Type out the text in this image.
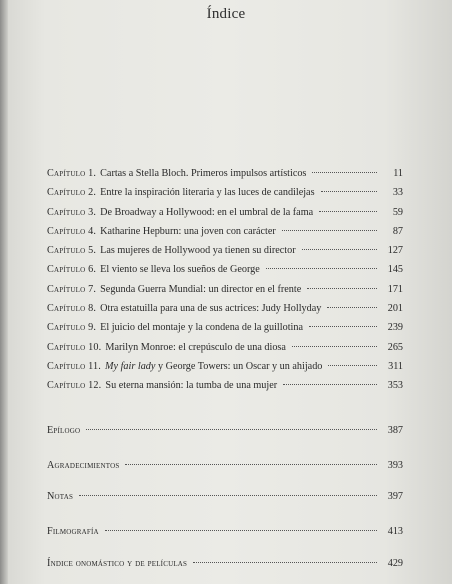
Índice
Capítulo 1. Cartas a Stella Bloch. Primeros impulsos artísticos	11
Capítulo 2. Entre la inspiración literaria y las luces de candilejas	33
Capítulo 3. De Broadway a Hollywood: en el umbral de la fama	59
Capítulo 4. Katharine Hepburn: una joven con carácter	87
Capítulo 5. Las mujeres de Hollywood ya tienen su director	127
Capítulo 6. El viento se lleva los sueños de George	145
Capítulo 7. Segunda Guerra Mundial: un director en el frente	171
Capítulo 8. Otra estatuilla para una de sus actrices: Judy Hollyday	201
Capítulo 9. El juicio del montaje y la condena de la guillotina	239
Capítulo 10. Marilyn Monroe: el crepúsculo de una diosa	265
Capítulo 11. My fair lady y George Towers: un Oscar y un ahijado	311
Capítulo 12. Su eterna mansión: la tumba de una mujer	353
Epílogo	387
Agradecimientos	393
Notas	397
Filmografía	413
Índice onomástico y de películas	429
